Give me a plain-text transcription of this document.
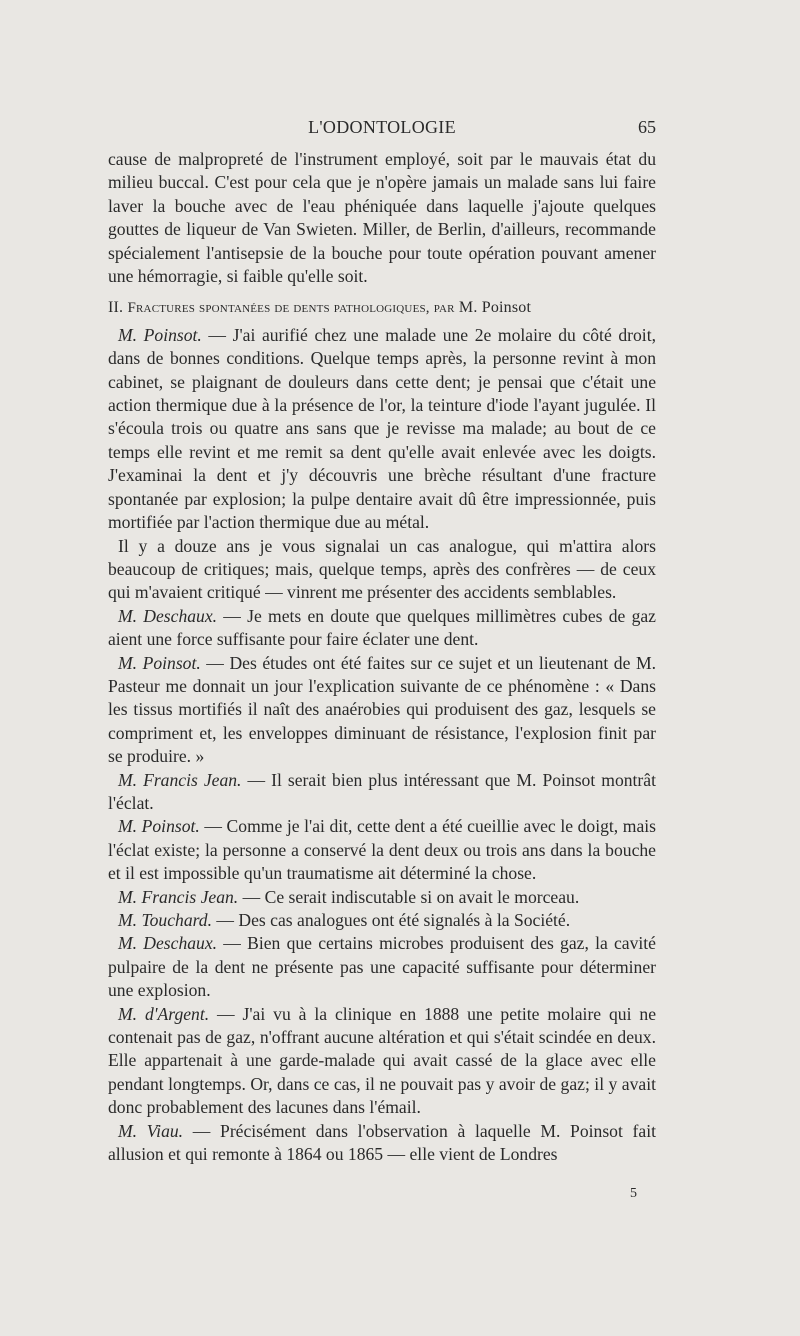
L'ODONTOLOGIE	65

cause de malpropreté de l'instrument employé, soit par le mauvais état du milieu buccal. C'est pour cela que je n'opère jamais un malade sans lui faire laver la bouche avec de l'eau phéniquée dans laquelle j'ajoute quelques gouttes de liqueur de Van Swieten. Miller, de Berlin, d'ailleurs, recommande spécialement l'antisepsie de la bouche pour toute opération pouvant amener une hémorragie, si faible qu'elle soit.

II. Fractures spontanées de dents pathologiques, par M. Poinsot

M. Poinsot. — J'ai aurifié chez une malade une 2e molaire du côté droit, dans de bonnes conditions. Quelque temps après, la personne revint à mon cabinet, se plaignant de douleurs dans cette dent; je pensai que c'était une action thermique due à la présence de l'or, la teinture d'iode l'ayant jugulée. Il s'écoula trois ou quatre ans sans que je revisse ma malade; au bout de ce temps elle revint et me remit sa dent qu'elle avait enlevée avec les doigts. J'examinai la dent et j'y découvris une brèche résultant d'une fracture spontanée par explosion; la pulpe dentaire avait dû être impressionnée, puis mortifiée par l'action thermique due au métal.

Il y a douze ans je vous signalai un cas analogue, qui m'attira alors beaucoup de critiques; mais, quelque temps, après des confrères — de ceux qui m'avaient critiqué — vinrent me présenter des accidents semblables.

M. Deschaux. — Je mets en doute que quelques millimètres cubes de gaz aient une force suffisante pour faire éclater une dent.

M. Poinsot. — Des études ont été faites sur ce sujet et un lieutenant de M. Pasteur me donnait un jour l'explication suivante de ce phénomène : « Dans les tissus mortifiés il naît des anaérobies qui produisent des gaz, lesquels se compriment et, les enveloppes diminuant de résistance, l'explosion finit par se produire. »

M. Francis Jean. — Il serait bien plus intéressant que M. Poinsot montrât l'éclat.

M. Poinsot. — Comme je l'ai dit, cette dent a été cueillie avec le doigt, mais l'éclat existe; la personne a conservé la dent deux ou trois ans dans la bouche et il est impossible qu'un traumatisme ait déterminé la chose.

M. Francis Jean. — Ce serait indiscutable si on avait le morceau.

M. Touchard. — Des cas analogues ont été signalés à la Société.

M. Deschaux. — Bien que certains microbes produisent des gaz, la cavité pulpaire de la dent ne présente pas une capacité suffisante pour déterminer une explosion.

M. d'Argent. — J'ai vu à la clinique en 1888 une petite molaire qui ne contenait pas de gaz, n'offrant aucune altération et qui s'était scindée en deux. Elle appartenait à une garde-malade qui avait cassé de la glace avec elle pendant longtemps. Or, dans ce cas, il ne pouvait pas y avoir de gaz; il y avait donc probablement des lacunes dans l'émail.

M. Viau. — Précisément dans l'observation à laquelle M. Poinsot fait allusion et qui remonte à 1864 ou 1865 — elle vient de Londres

5
